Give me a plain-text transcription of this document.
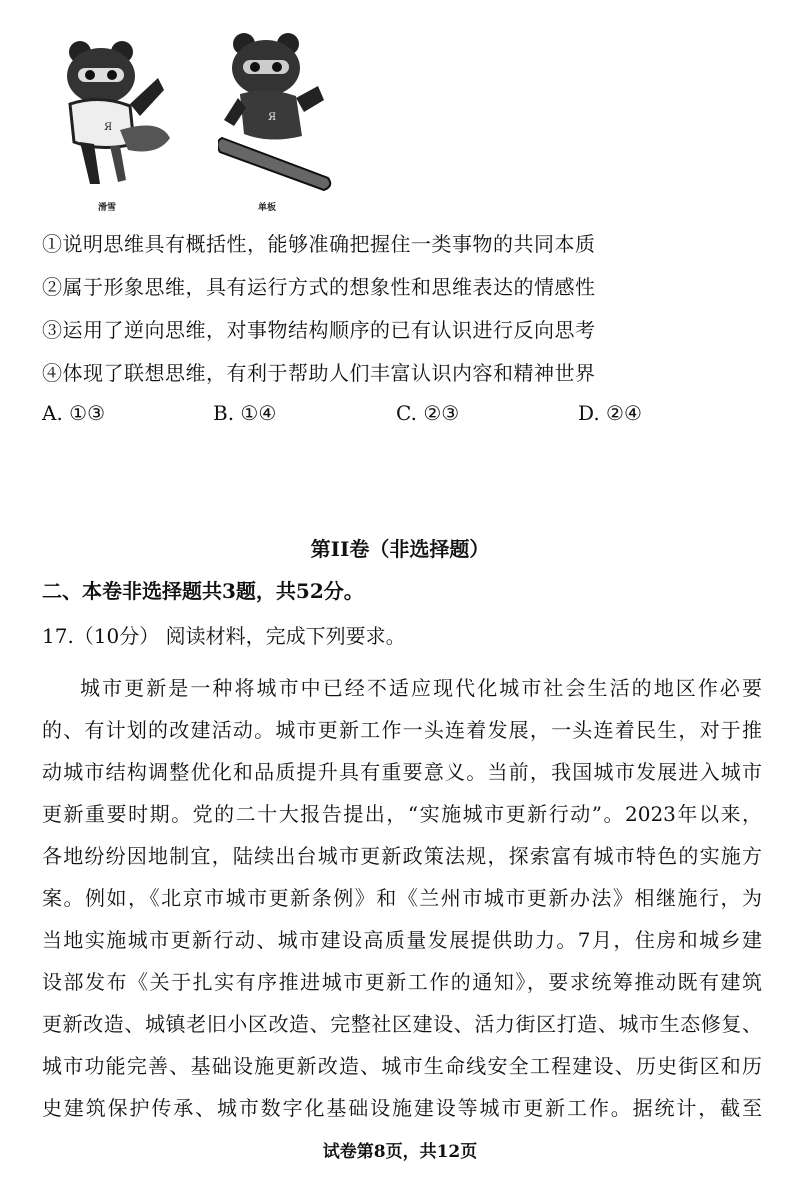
Я
滑雪
Я
单板
①说明思维具有概括性，能够准确把握住一类事物的共同本质
②属于形象思维，具有运行方式的想象性和思维表达的情感性
③运用了逆向思维，对事物结构顺序的已有认识进行反向思考
④体现了联想思维，有利于帮助人们丰富认识内容和精神世界
A. ①③	B. ①④	C. ②③	D. ②④
第II卷（非选择题）
二、本卷非选择题共3题，共52分。
17.（10分） 阅读材料，完成下列要求。
城市更新是一种将城市中已经不适应现代化城市社会生活的地区作必要
的、有计划的改建活动。城市更新工作一头连着发展，一头连着民生，对于推
动城市结构调整优化和品质提升具有重要意义。当前，我国城市发展进入城市
更新重要时期。党的二十大报告提出，“实施城市更新行动”。2023年以来，
各地纷纷因地制宜，陆续出台城市更新政策法规，探索富有城市特色的实施方
案。例如，《北京市城市更新条例》和《兰州市城市更新办法》相继施行，为
当地实施城市更新行动、城市建设高质量发展提供助力。7月，住房和城乡建
设部发布《关于扎实有序推进城市更新工作的通知》，要求统筹推动既有建筑
更新改造、城镇老旧小区改造、完整社区建设、活力街区打造、城市生态修复、
城市功能完善、基础设施更新改造、城市生命线安全工程建设、历史街区和历
史建筑保护传承、城市数字化基础设施建设等城市更新工作。据统计，截至
试卷第8页，共12页
